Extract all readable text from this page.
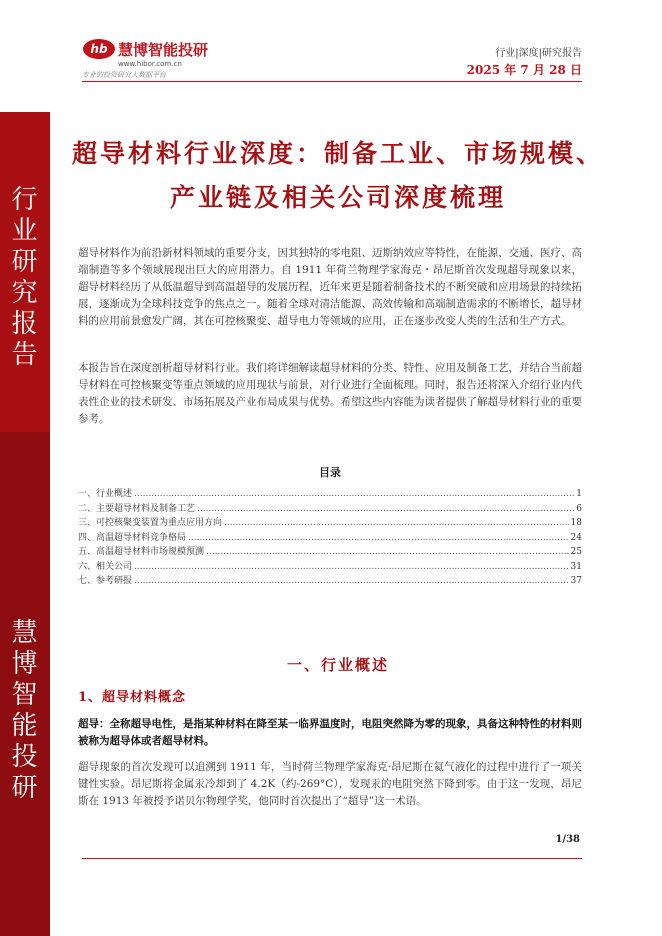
行
业
研
究
报
告
慧
博
智
能
投
研
hb 慧博智能投研
www.hibor.com.cn
专业的投资研究大数据平台
行业|深度|研究报告
2025 年 7 月 28 日
超导材料行业深度：制备工业、市场规模、
产业链及相关公司深度梳理

超导材料作为前沿新材料领域的重要分支，因其独特的零电阻、迈斯纳效应等特性，在能源、交通、医疗、高端制造等多个领域展现出巨大的应用潜力。自 1911 年荷兰物理学家海克・昂尼斯首次发现超导现象以来，超导材料经历了从低温超导到高温超导的发展历程，近年来更是随着制备技术的不断突破和应用场景的持续拓展，逐渐成为全球科技竞争的焦点之一。随着全球对清洁能源、高效传输和高端制造需求的不断增长，超导材料的应用前景愈发广阔，其在可控核聚变、超导电力等领域的应用，正在逐步改变人类的生活和生产方式。

本报告旨在深度剖析超导材料行业。我们将详细解读超导材料的分类、特性、应用及制备工艺，并结合当前超导材料在可控核聚变等重点领域的应用现状与前景，对行业进行全面梳理。同时，报告还将深入介绍行业内代表性企业的技术研发、市场拓展及产业布局成果与优势。希望这些内容能为读者提供了解超导材料行业的重要参考。

目录
一、行业概述 .....	1
二、主要超导材料及制备工艺 .....	6
三、可控核聚变装置为重点应用方向 .....	18
四、高温超导材料竞争格局 .....	24
五、高温超导材料市场规模预测 .....	25
六、相关公司 .....	31
七、参考研报 .....	37
一、行业概述
1、超导材料概念

超导：全称超导电性，是指某种材料在降至某一临界温度时，电阻突然降为零的现象，具备这种特性的材料则被称为超导体或者超导材料。

超导现象的首次发现可以追溯到 1911 年，当时荷兰物理学家海克·昂尼斯在氦气液化的过程中进行了一项关键性实验。昂尼斯将金属汞冷却到了 4.2K（约-269°C），发现汞的电阻突然下降到零。由于这一发现，昂尼斯在 1913 年被授予诺贝尔物理学奖，他同时首次提出了“超导”这一术语。

1/38
